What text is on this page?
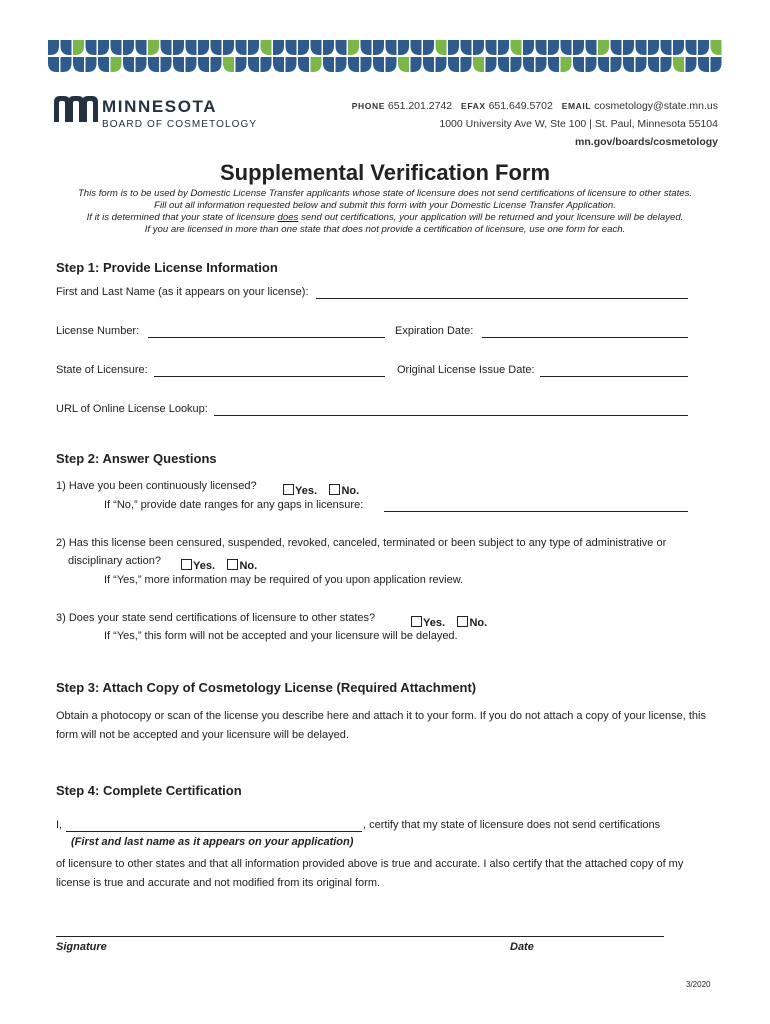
MINNESOTA
BOARD OF COSMETOLOGY
PHONE 651.201.2742 EFAX 651.649.5702 EMAIL cosmetology@state.mn.us
1000 University Ave W, Ste 100 | St. Paul, Minnesota 55104
mn.gov/boards/cosmetology
Supplemental Verification Form
This form is to be used by Domestic License Transfer applicants whose state of licensure does not send certifications of licensure to other states.
Fill out all information requested below and submit this form with your Domestic License Transfer Application.
If it is determined that your state of licensure does send out certifications, your application will be returned and your licensure will be delayed.
If you are licensed in more than one state that does not provide a certification of licensure, use one form for each.
Step 1: Provide License Information
First and Last Name (as it appears on your license):
License Number:	Expiration Date:
State of Licensure:	Original License Issue Date:
URL of Online License Lookup:
Step 2: Answer Questions
1) Have you been continuously licensed?	Yes. No.
If “No,” provide date ranges for any gaps in licensure:
2) Has this license been censured, suspended, revoked, canceled, terminated or been subject to any type of administrative or
disciplinary action?	Yes. No.
If “Yes,” more information may be required of you upon application review.
3) Does your state send certifications of licensure to other states?	Yes. No.
If “Yes,” this form will not be accepted and your licensure will be delayed.
Step 3: Attach Copy of Cosmetology License (Required Attachment)
Obtain a photocopy or scan of the license you describe here and attach it to your form. If you do not attach a copy of your license, this form will not be accepted and your licensure will be delayed.
Step 4: Complete Certification
I,	, certify that my state of licensure does not send certifications
(First and last name as it appears on your application)
of licensure to other states and that all information provided above is true and accurate. I also certify that the attached copy of my license is true and accurate and not modified from its original form.
Signature	Date
3/2020
